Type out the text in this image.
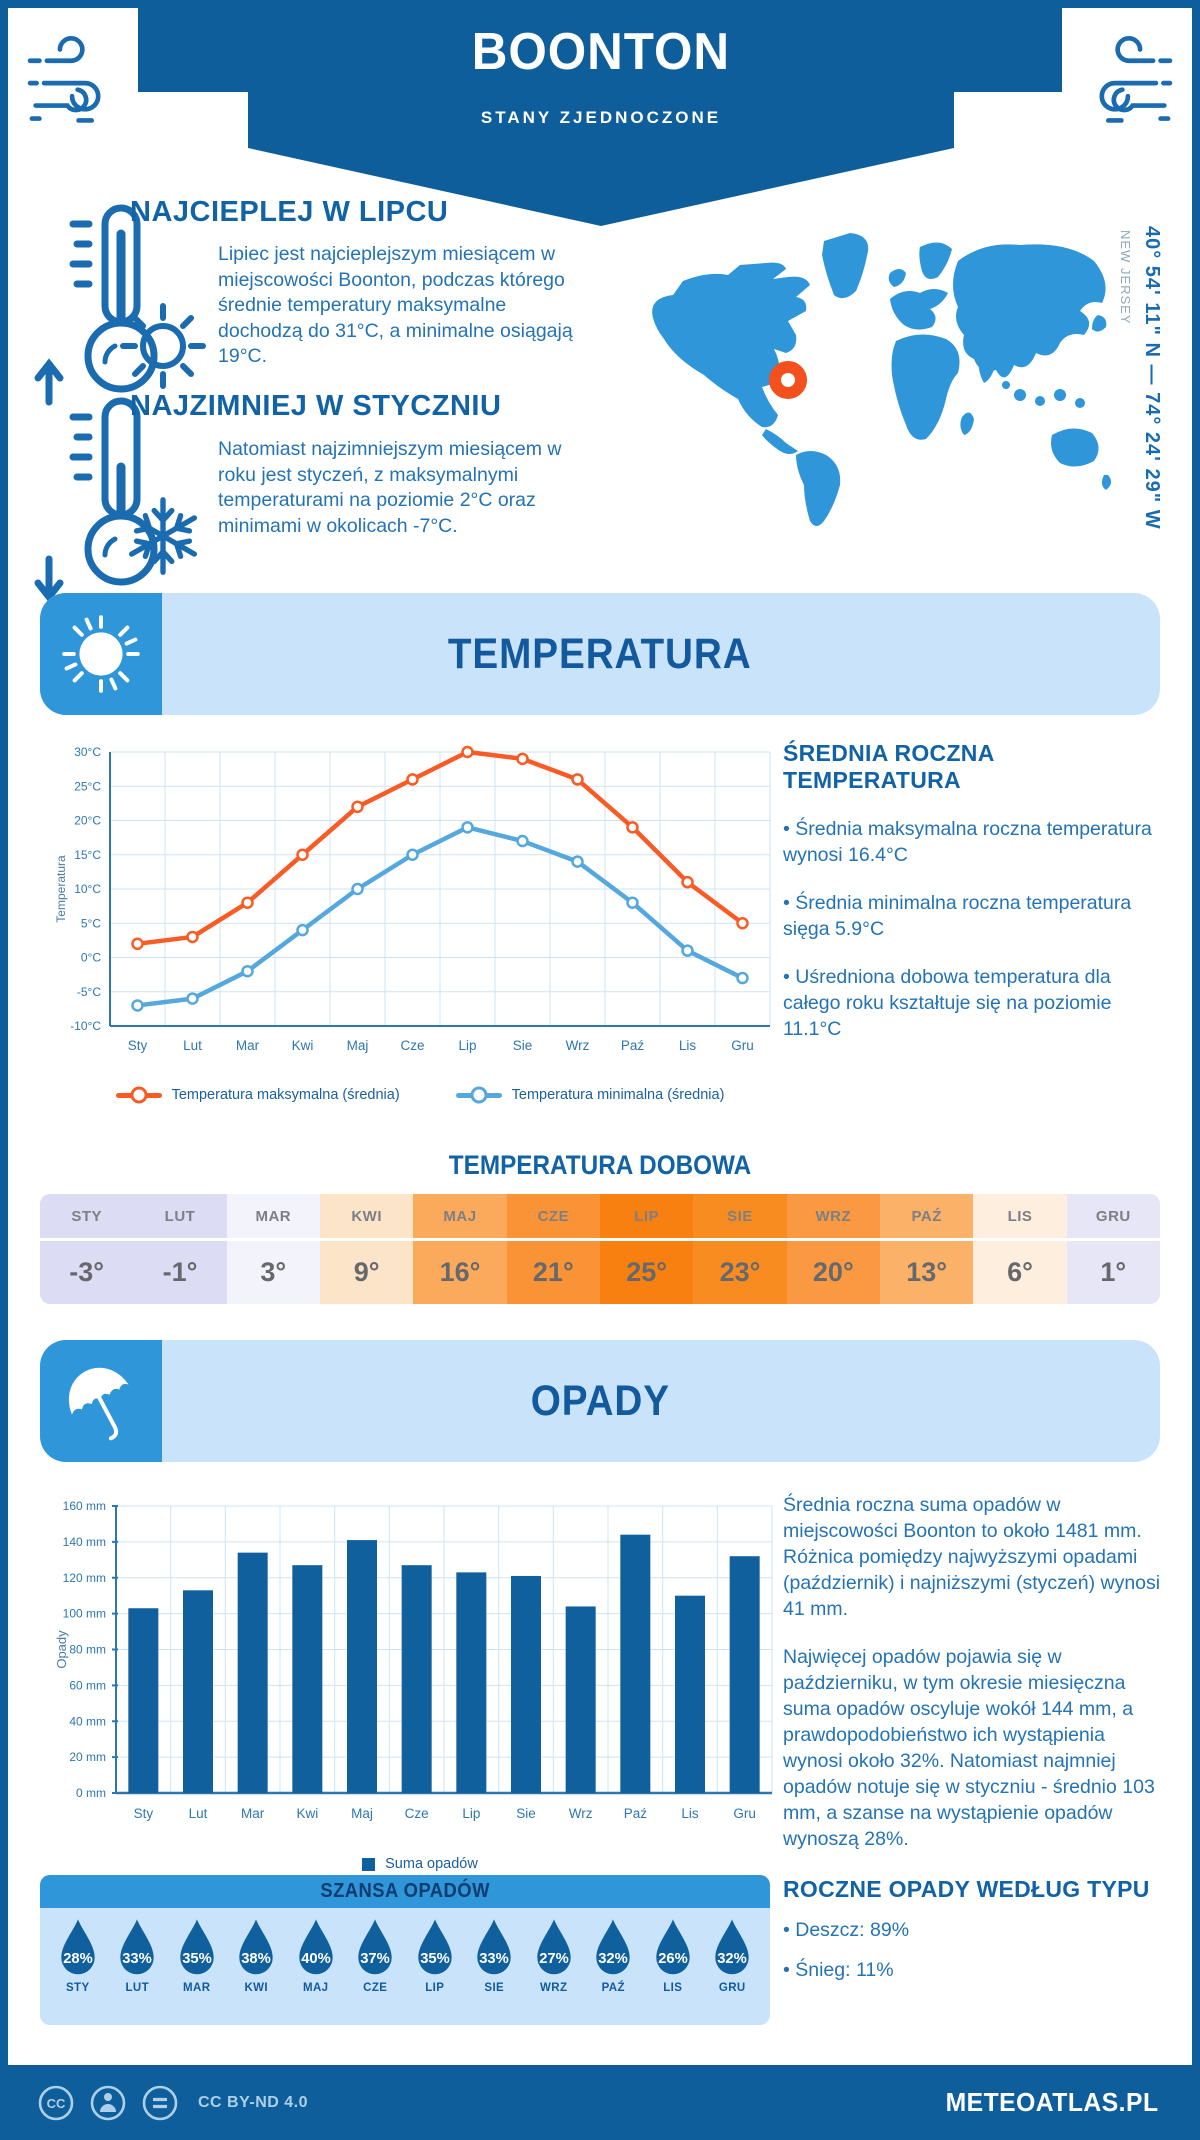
BOONTON
STANY ZJEDNOCZONE
NAJCIEPLEJ W LIPCU
Lipiec jest najcieplejszym miesiącem w miejscowości Boonton, podczas którego średnie temperatury maksymalne dochodzą do 31°C, a minimalne osiągają 19°C.
NAJZIMNIEJ W STYCZNIU
Natomiast najzimniejszym miesiącem w roku jest styczeń, z maksymalnymi temperaturami na poziomie 2°C oraz minimami w okolicach -7°C.	40° 54' 11" N — 74° 24' 29" W
NEW JERSEY
TEMPERATURA
-10°C
-5°C
0°C
5°C
10°C
15°C
20°C
25°C
30°C
Sty	Lut	Mar Kwi Maj Cze	Lip	Sie Wrz Paź	Lis	Gru
Temperatura
Temperatura maksymalna (średnia)	Temperatura minimalna (średnia)
ŚREDNIA ROCZNA TEMPERATURA

• Średnia maksymalna roczna temperatura wynosi 16.4°C

• Średnia minimalna roczna temperatura sięga 5.9°C

• Uśredniona dobowa temperatura dla całego roku kształtuje się na poziomie 11.1°C

TEMPERATURA DOBOWA
STY	LUT	MAR	KWI	MAJ	CZE	LIP	SIE	WRZ	PAŹ	LIS	GRU
-3°	-1°	3°	9°	16°	21°	25°	23°	20°	13°	6°	1°
OPADY
0 mm
20 mm
40 mm
60 mm
80 mm
100 mm
120 mm
140 mm
160 mm
Sty	Lut Mar Kwi Maj Cze Lip	Sie Wrz Paź	Lis	Gru
Opady
Suma opadów

Średnia roczna suma opadów w miejscowości Boonton to około 1481 mm. Różnica pomiędzy najwyższymi opadami (październik) i najniższymi (styczeń) wynosi 41 mm.

Najwięcej opadów pojawia się w październiku, w tym okresie miesięczna suma opadów oscyluje wokół 144 mm, a prawdopodobieństwo ich wystąpienia wynosi około 32%. Natomiast najmniej opadów notuje się w styczniu - średnio 103 mm, a szanse na wystąpienie opadów wynoszą 28%.

ROCZNE OPADY WEDŁUG TYPU

• Deszcz: 89%

• Śnieg: 11%

SZANSA OPADÓW
28%
STY
33%
LUT
35%
MAR
38%
KWI
40%
MAJ
37%
CZE
35%
LIP
33%
SIE
27%
WRZ
32%
PAŹ
26%
LIS
32%
GRU
CC	CC BY-ND 4.0	METEOATLAS.PL
